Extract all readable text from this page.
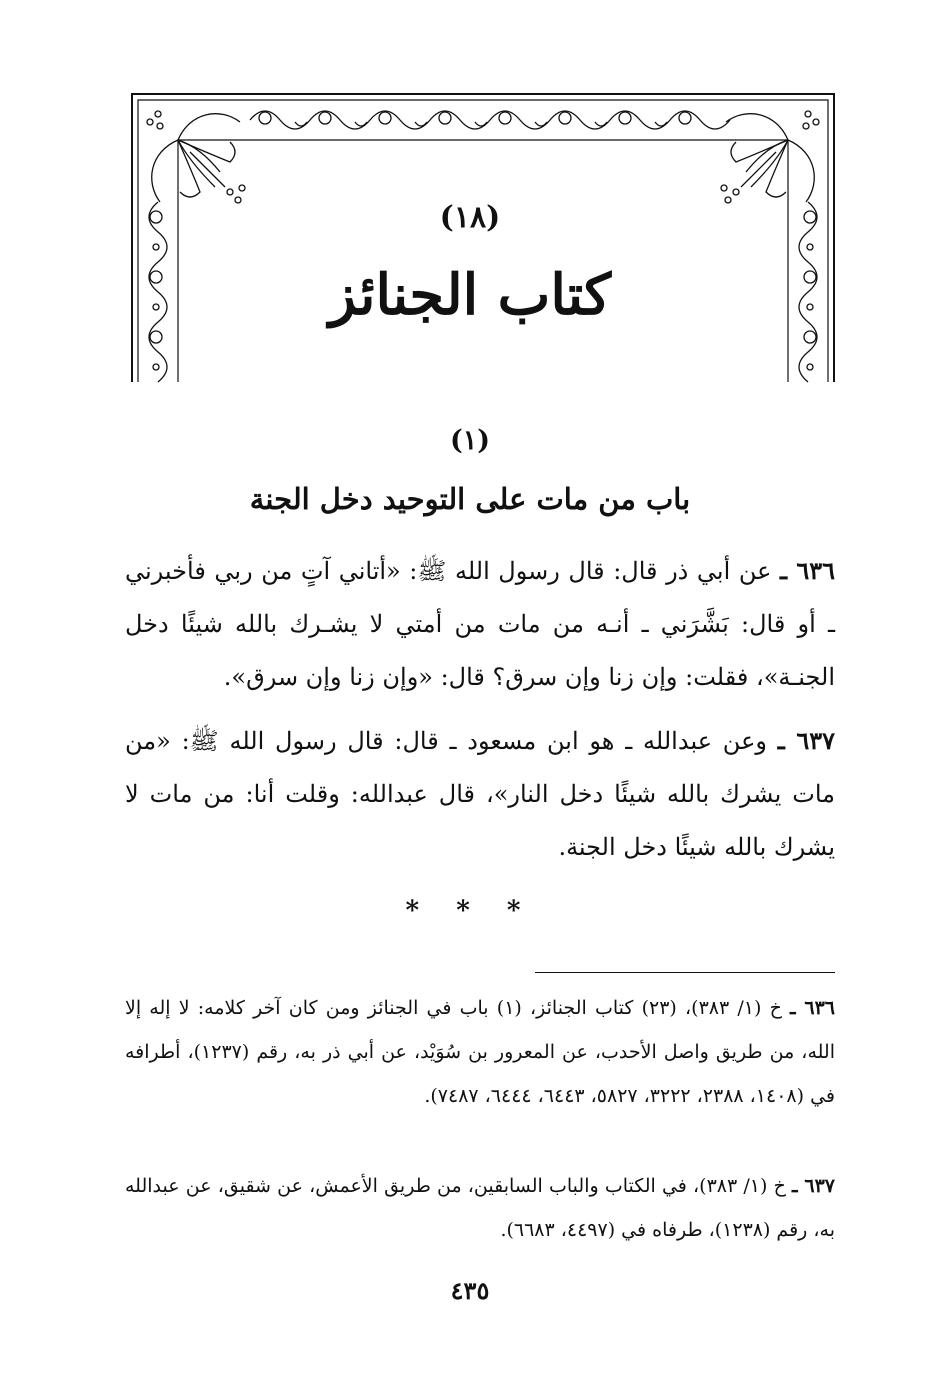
(١٨)
كتاب الجنائز
(١)
باب من مات على التوحيد دخل الجنة
٦٣٦ ـ عن أبي ذر قال: قال رسول الله ﷺ: «أتاني آتٍ من ربي فأخبرني ـ أو قال: بَشَّرَني ـ أنـه من مات من أمتي لا يشـرك بالله شيئًا دخل الجنـة»، فقلت: وإن زنا وإن سرق؟ قال: «وإن زنا وإن سرق».
٦٣٧ ـ وعن عبدالله ـ هو ابن مسعود ـ قال: قال رسول الله ﷺ: «من مات يشرك بالله شيئًا دخل النار»، قال عبدالله: وقلت أنا: من مات لا يشرك بالله شيئًا دخل الجنة.
* * *
٦٣٦ ـ خ (١/ ٣٨٣)، (٢٣) كتاب الجنائز، (١) باب في الجنائز ومن كان آخر كلامه: لا إله إلا الله، من طريق واصل الأحدب، عن المعرور بن سُوَيْد، عن أبي ذر به، رقم (١٢٣٧)، أطرافه في (١٤٠٨، ٢٣٨٨، ٣٢٢٢، ٥٨٢٧، ٦٤٤٣، ٦٤٤٤، ٧٤٨٧).
٦٣٧ ـ خ (١/ ٣٨٣)، في الكتاب والباب السابقين، من طريق الأعمش، عن شقيق، عن عبدالله به، رقم (١٢٣٨)، طرفاه في (٤٤٩٧، ٦٦٨٣).
٤٣٥
